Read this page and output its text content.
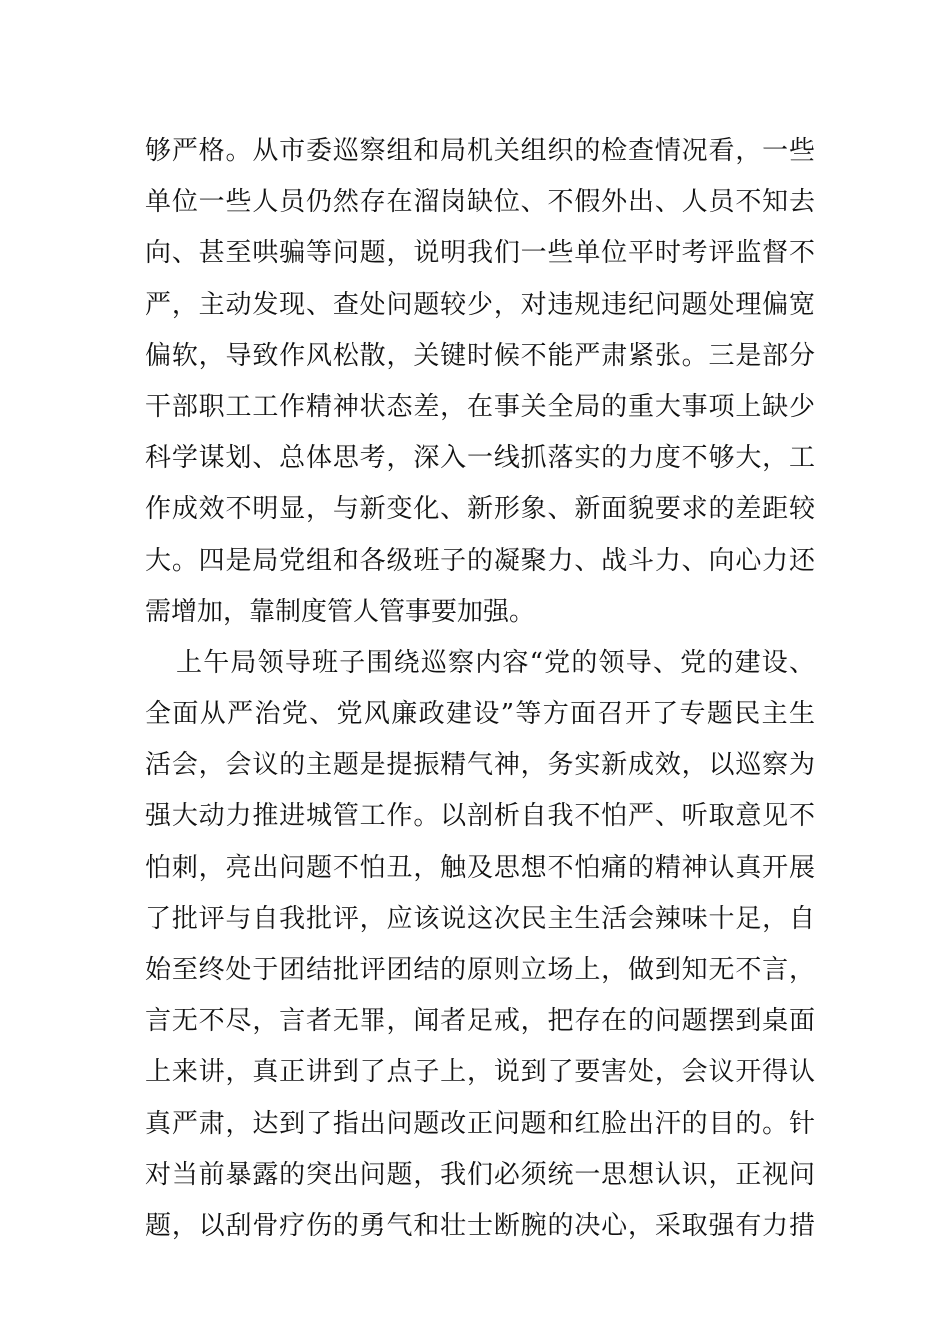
够严格。从市委巡察组和局机关组织的检查情况看，一些
单位一些人员仍然存在溜岗缺位、不假外出、人员不知去
向、甚至哄骗等问题，说明我们一些单位平时考评监督不
严，主动发现、查处问题较少，对违规违纪问题处理偏宽
偏软，导致作风松散，关键时候不能严肃紧张。三是部分
干部职工工作精神状态差，在事关全局的重大事项上缺少
科学谋划、总体思考，深入一线抓落实的力度不够大，工
作成效不明显，与新变化、新形象、新面貌要求的差距较
大。四是局党组和各级班子的凝聚力、战斗力、向心力还
需增加，靠制度管人管事要加强。
上午局领导班子围绕巡察内容“党的领导、党的建设、
全面从严治党、党风廉政建设”等方面召开了专题民主生
活会，会议的主题是提振精气神，务实新成效，以巡察为
强大动力推进城管工作。以剖析自我不怕严、听取意见不
怕刺，亮出问题不怕丑，触及思想不怕痛的精神认真开展
了批评与自我批评，应该说这次民主生活会辣味十足，自
始至终处于团结批评团结的原则立场上，做到知无不言，
言无不尽，言者无罪，闻者足戒，把存在的问题摆到桌面
上来讲，真正讲到了点子上，说到了要害处，会议开得认
真严肃，达到了指出问题改正问题和红脸出汗的目的。针
对当前暴露的突出问题，我们必须统一思想认识，正视问
题，以刮骨疗伤的勇气和壮士断腕的决心，采取强有力措
